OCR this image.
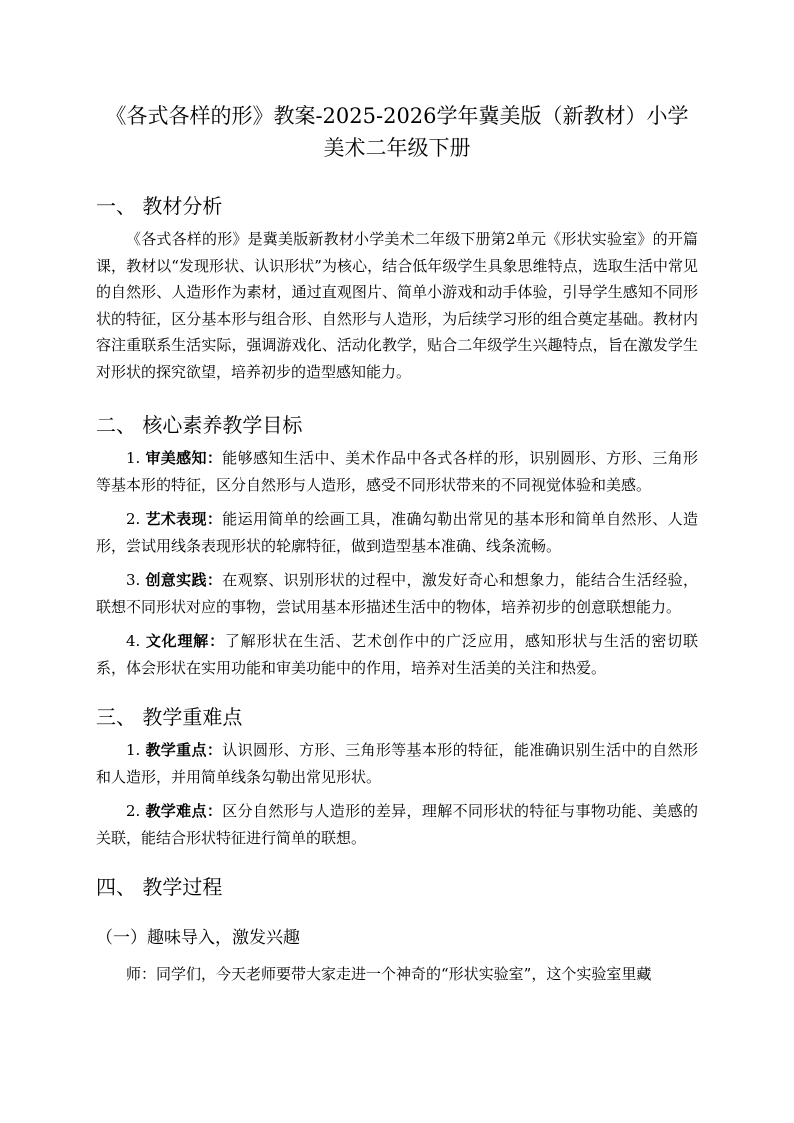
《各式各样的形》教案-2025-2026学年冀美版（新教材）小学美术二年级下册
一、 教材分析

《各式各样的形》是冀美版新教材小学美术二年级下册第2单元《形状实验室》的开篇课，教材以“发现形状、认识形状”为核心，结合低年级学生具象思维特点，选取生活中常见的自然形、人造形作为素材，通过直观图片、简单小游戏和动手体验，引导学生感知不同形状的特征，区分基本形与组合形、自然形与人造形，为后续学习形的组合奠定基础。教材内容注重联系生活实际，强调游戏化、活动化教学，贴合二年级学生兴趣特点，旨在激发学生对形状的探究欲望，培养初步的造型感知能力。

二、 核心素养教学目标

1. 审美感知：能够感知生活中、美术作品中各式各样的形，识别圆形、方形、三角形等基本形的特征，区分自然形与人造形，感受不同形状带来的不同视觉体验和美感。

2. 艺术表现：能运用简单的绘画工具，准确勾勒出常见的基本形和简单自然形、人造形，尝试用线条表现形状的轮廓特征，做到造型基本准确、线条流畅。

3. 创意实践：在观察、识别形状的过程中，激发好奇心和想象力，能结合生活经验，联想不同形状对应的事物，尝试用基本形描述生活中的物体，培养初步的创意联想能力。

4. 文化理解：了解形状在生活、艺术创作中的广泛应用，感知形状与生活的密切联系，体会形状在实用功能和审美功能中的作用，培养对生活美的关注和热爱。

三、 教学重难点

1. 教学重点：认识圆形、方形、三角形等基本形的特征，能准确识别生活中的自然形和人造形，并用简单线条勾勒出常见形状。

2. 教学难点：区分自然形与人造形的差异，理解不同形状的特征与事物功能、美感的关联，能结合形状特征进行简单的联想。

四、 教学过程
（一）趣味导入，激发兴趣

师：同学们，今天老师要带大家走进一个神奇的“形状实验室”，这个实验室里藏
